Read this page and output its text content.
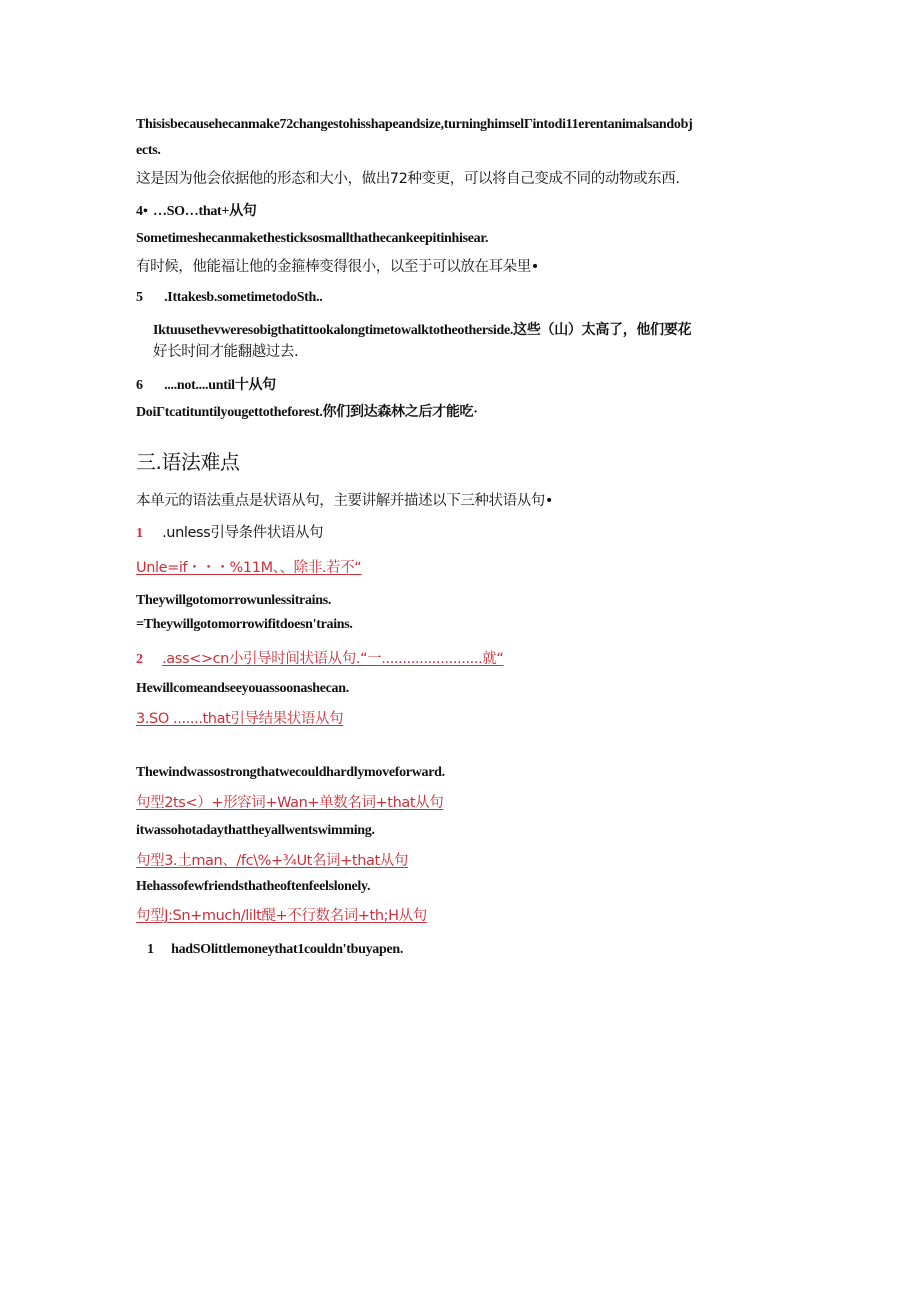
Thisisbecausehecanmake72changestohisshapeandsize,turninghimselΓintodi11erentanimalsandobj
ects.
这是因为他会依据他的形态和大小，做出72种变更，可以将自己变成不同的动物或东西.
4• …SO…that+从句
Sometimesheсanmakethesticksosmallthathecankeepitinhisear.
有时候，他能福让他的金箍棒变得很小，以至于可以放在耳朵里•
5 .Ittakesb.sometimetodoSth..
Iktuusethevweresobigthatittookalongtimetowalktotheotherside.这些（山）太高了，他们要花
好长时间才能翻越过去.
6 ....not....until十从句
DoiΓtcatituntilyougettotheforest.你们到达森林之后才能吃·
三.语法难点
本单元的语法重点是状语从句，主要讲解并描述以下三种状语从句•
1 .unless引导条件状语从句
Unle=if・・・%11M、、除非.若不“
Theywillgotomorrowunlessitrains.
=Theywillgotomorrowifitdoesn'trains.
2 .ass<>cn小引导时间状语从句.“一........................就“
Hewillcomeandseeyouassoonashecan.
3.SO .......that引导结果状语从句
Thewindwassostrongthatwecouldhardlymoveforward.
句型2ts<）+形容词+Wan+单数名词+that从句
itwassohotadaythattheyallwentswimming.
句型3.土man、/fc\%+¾Ut名词+that从句
Hehassofewfriendsthatheoftenfeelslonely.
句型J:Sn+much/lilt醍+不行数名词+th;H从句
1 hadSOlittlemoneythat1couldn'tbuyapen.
